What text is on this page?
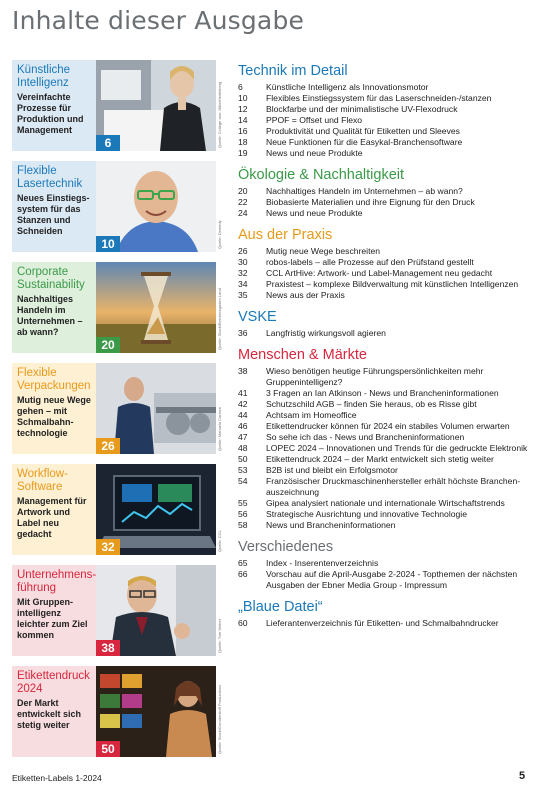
Inhalte dieser Ausgabe
Künstliche Intelligenz
Vereinfachte Prozesse für Produktion und Management
6	Quelle: Collage aus: Mitte/Heidelberg
Flexible Lasertechnik
Neues Einstiegs-system für das Stanzen und Schneiden
10	Quelle: Demirdy
Corporate Sustainability
Nachhaltiges Handeln im Unternehmen – ab wann?
20	Quelle: Stock/Berchtesgaden Land
Flexible Verpackungen
Mutig neue Wege gehen – mit Schmalbahn-technologie
26	Quelle: Manuela Carlsen
Workflow-Software
Management für Artwork und Label neu gedacht
32	Quelle: CCL
Unternehmens-führung
Mit Gruppen-intelligenz leichter zum Ziel kommen
38	Quelle: Tom Weber
Etikettendruck 2024
Der Markt entwickelt sich stetig weiter
50	Quelle: Stock/Gorodenkoff Productions
Technik im Detail
6	Künstliche Intelligenz als Innovationsmotor
10	Flexibles Einstiegssystem für das Laserschneiden-/stanzen
12	Blockfarbe und der minimalistische UV-Flexodruck
14	PPOF = Offset und Flexo
16	Produktivität und Qualität für Etiketten und Sleeves
18	Neue Funktionen für die Easykal-Branchensoftware
19	News und neue Produkte
Ökologie & Nachhaltigkeit
20	Nachhaltiges Handeln im Unternehmen – ab wann?
22	Biobasierte Materialien und ihre Eignung für den Druck
24	News und neue Produkte
Aus der Praxis
26	Mutig neue Wege beschreiten
30	robos-labels – alle Prozesse auf den Prüfstand gestellt
32	CCL ArtHive: Artwork- und Label-Management neu gedacht
34	Praxistest – komplexe Bildverwaltung mit künstlichen Intelligenzen
35	News aus der Praxis
VSKE
36	Langfristig wirkungsvoll agieren
Menschen & Märkte
38	Wieso benötigen heutige Führungspersönlichkeiten mehr Gruppenintelligenz?
41	3 Fragen an Ian Atkinson - News und Brancheninformationen
42	Schutzschild AGB – finden Sie heraus, ob es Risse gibt
44	Achtsam im Homeoffice
46	Etikettendrucker können für 2024 ein stabiles Volumen erwarten
47	So sehe ich das - News und Brancheninformationen
48	LOPEC 2024 – Innovationen und Trends für die gedruckte Elektronik
50	Etikettendruck 2024 – der Markt entwickelt sich stetig weiter
53	B2B ist und bleibt ein Erfolgsmotor
54	Französischer Druckmaschinenhersteller erhält höchste Branchen-auszeichnung
55	Gipea analysiert nationale und internationale Wirtschaftstrends
56	Strategische Ausrichtung und innovative Technologie
58	News und Brancheninformationen
Verschiedenes
65	Index - Inserentenverzeichnis
66	Vorschau auf die April-Ausgabe 2-2024 - Topthemen der nächsten Ausgaben der Ebner Media Group - Impressum
„Blaue Datei“
60	Lieferantenverzeichnis für Etiketten- und Schmalbahndrucker
Etiketten-Labels 1-2024	5
